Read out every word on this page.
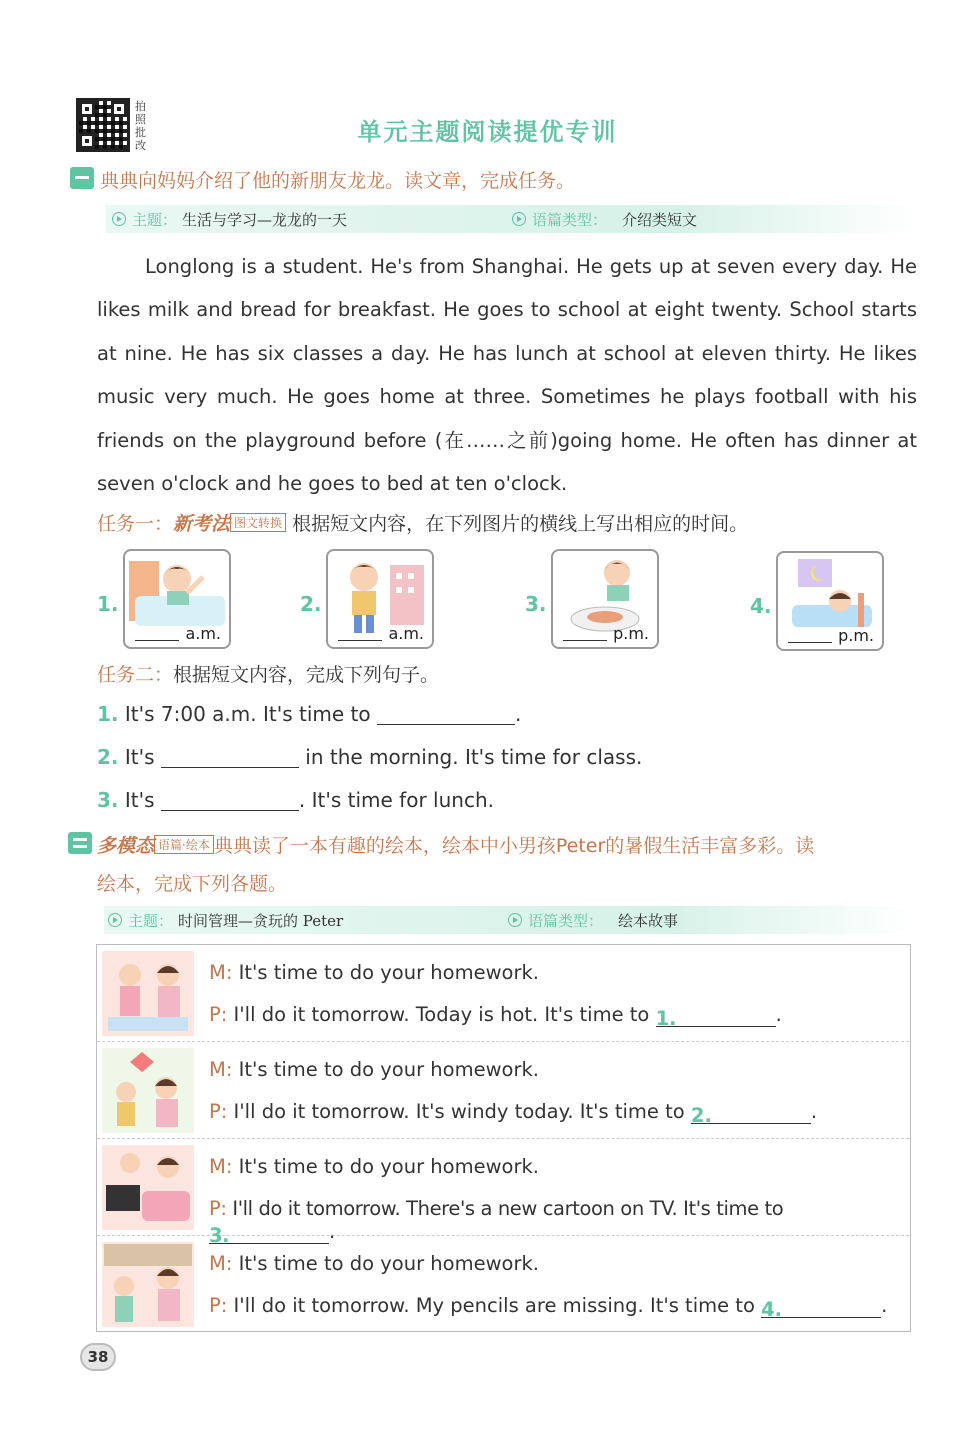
拍照批改	单元主题阅读提优专训
典典向妈妈介绍了他的新朋友龙龙。读文章，完成任务。
主题： 生活与学习—龙龙的一天	语篇类型： 介绍类短文

Longlong is a student. He's from Shanghai. He gets up at seven every day. He likes milk and bread for breakfast. He goes to school at eight twenty. School starts at nine. He has six classes a day. He has lunch at school at eleven thirty. He likes music very much. He goes home at three. Sometimes he plays football with his friends on the playground before (在……之前)going home. He often has dinner at seven o'clock and he goes to bed at ten o'clock.

任务一：新考法 图文转换 根据短文内容，在下列图片的横线上写出相应的时间。
1.
a.m.
2.
a.m.
3.
p.m.
4.
p.m.
任务二：根据短文内容，完成下列句子。
1. It's 7:00 a.m. It's time to	.
2. It's	in the morning. It's time for class.
3. It's	. It's time for lunch.
多模态 语篇·绘本 典典读了一本有趣的绘本，绘本中小男孩Peter的暑假生活丰富多彩。读
绘本，完成下列各题。
主题： 时间管理—贪玩的 Peter	语篇类型： 绘本故事
M: It's time to do your homework.
P: I'll do it tomorrow. Today is hot. It's time to 1.	.
M: It's time to do your homework.
P: I'll do it tomorrow. It's windy today. It's time to 2.	.
M: It's time to do your homework.
P: I'll do it tomorrow. There's a new cartoon on TV. It's time to 3.	.
M: It's time to do your homework.
P: I'll do it tomorrow. My pencils are missing. It's time to 4.	.
38
